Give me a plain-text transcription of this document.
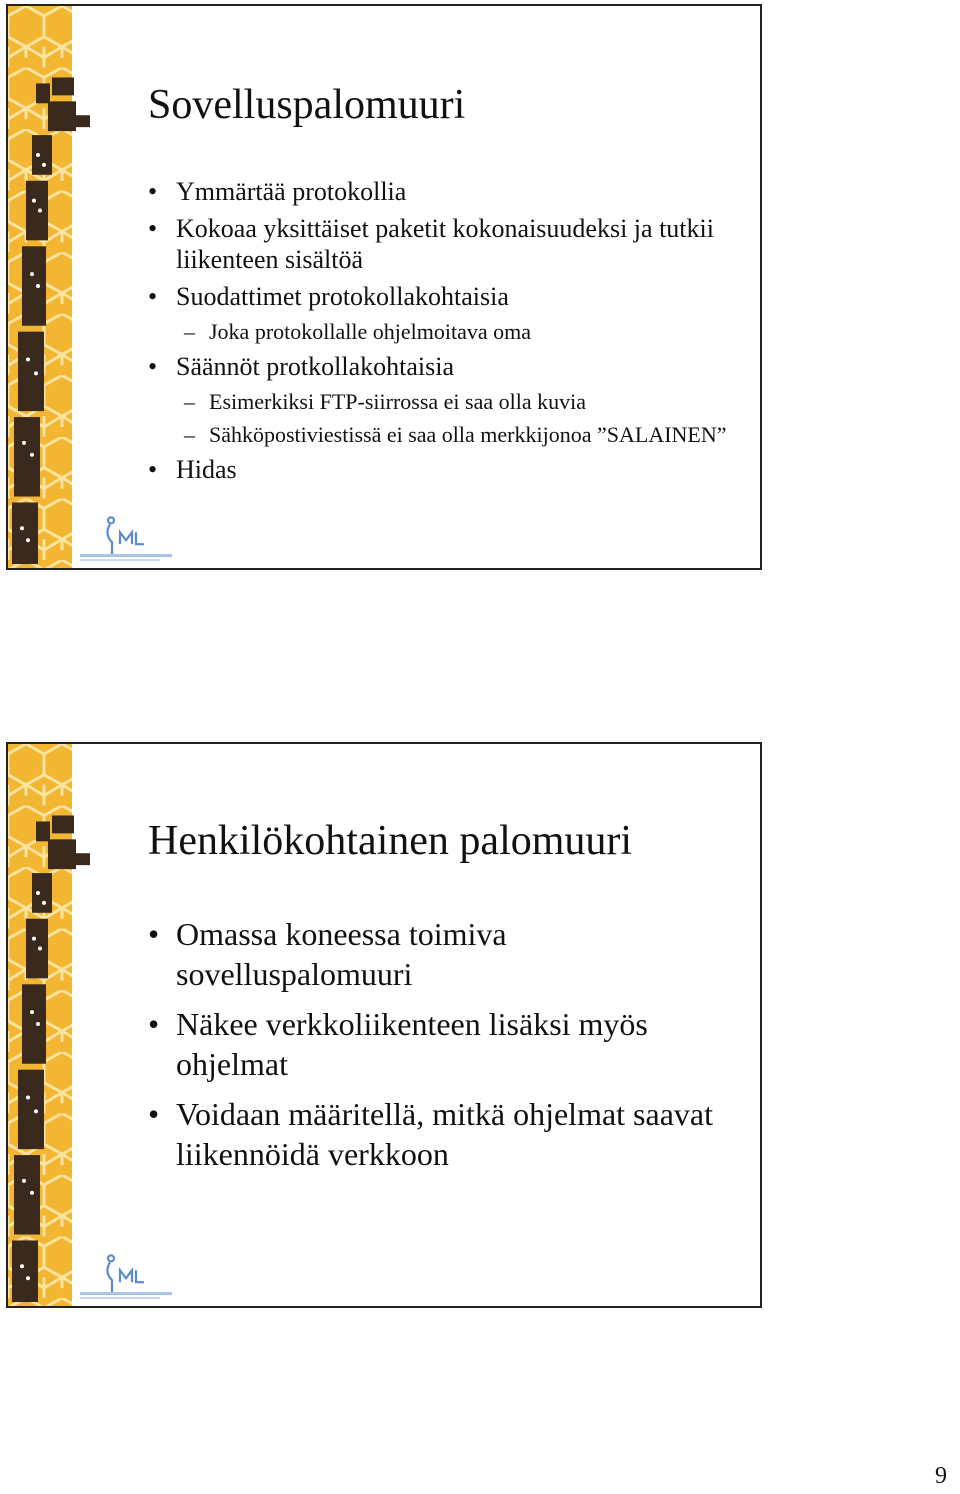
Sovelluspalomuuri
• Ymmärtää protokollia
• Kokoaa yksittäiset paketit kokonaisuudeksi ja tutkii liikenteen sisältöä
• Suodattimet protokollakohtaisia
– Joka protokollalle ohjelmoitava oma
• Säännöt protkollakohtaisia
– Esimerkiksi FTP-siirrossa ei saa olla kuvia
– Sähköpostiviestissä ei saa olla merkkijonoa ”SALAINEN”
• Hidas
Henkilökohtainen palomuuri
• Omassa koneessa toimiva sovelluspalomuuri
• Näkee verkkoliikenteen lisäksi myös ohjelmat
• Voidaan määritellä, mitkä ohjelmat saavat liikennöidä verkkoon
9
